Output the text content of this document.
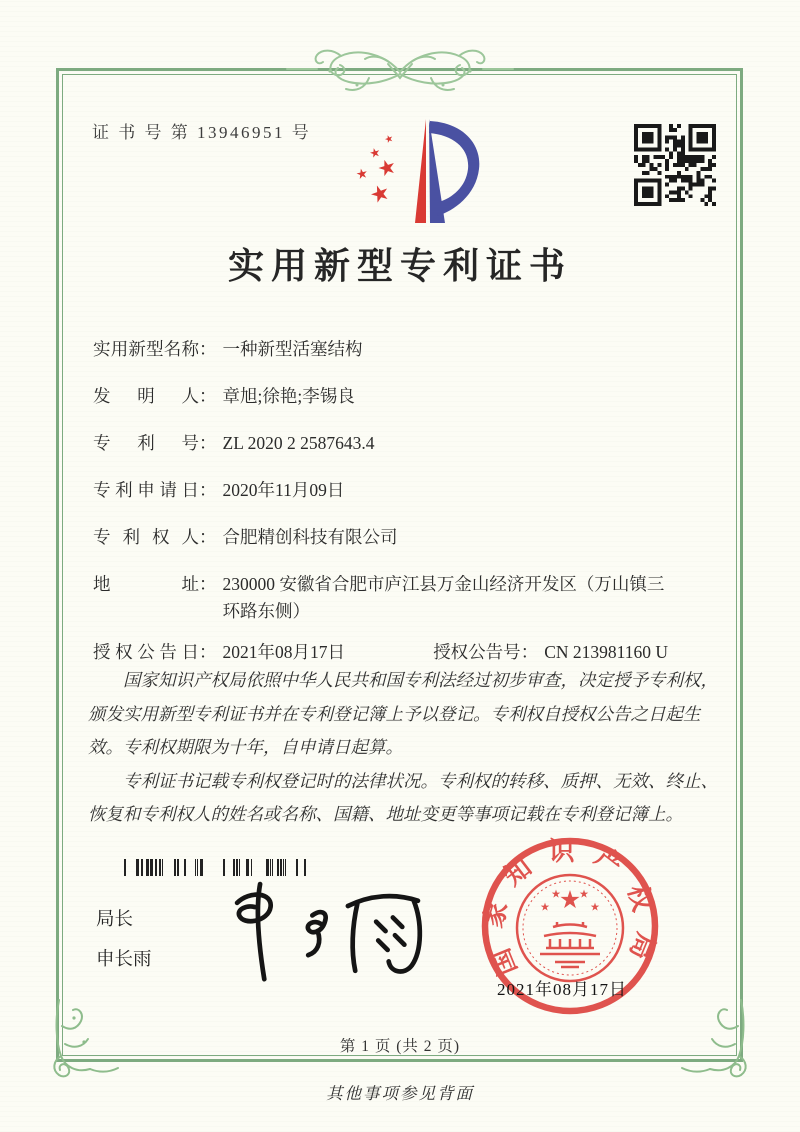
证 书 号 第 13946951 号
实用新型专利证书
实用新型名称 ： 一种新型活塞结构
发明人 ： 章旭;徐艳;李锡良
专利号 ： ZL 2020 2 2587643.4
专利申请日 ： 2020年11月09日
专利权人 ： 合肥精创科技有限公司
地址 ： 230000 安徽省合肥市庐江县万金山经济开发区（万山镇三环路东侧）
授权公告日 ： 2021年08月17日	授权公告号 ： CN 213981160 U

国家知识产权局依照中华人民共和国专利法经过初步审查，决定授予专利权，颁发实用新型专利证书并在专利登记簿上予以登记。专利权自授权公告之日起生效。专利权期限为十年，自申请日起算。

专利证书记载专利权登记时的法律状况。专利权的转移、质押、无效、终止、恢复和专利权人的姓名或名称、国籍、地址变更等事项记载在专利登记簿上。

局长
申长雨	国家知识产权局
2021年08月17日
第 1 页 (共 2 页)
其他事项参见背面
